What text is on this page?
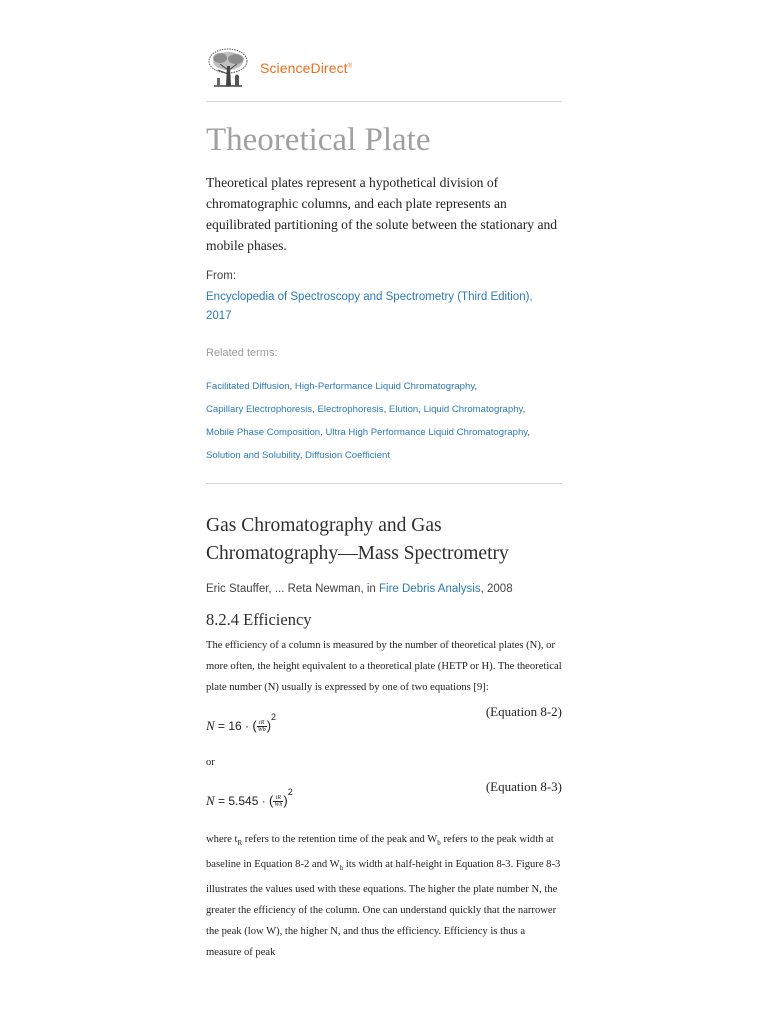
ScienceDirect®
Theoretical Plate

Theoretical plates represent a hypothetical division of chromatographic columns, and each plate represents an equilibrated partitioning of the solute between the stationary and mobile phases.

From:
Encyclopedia of Spectroscopy and Spectrometry (Third Edition),
2017
Related terms:
Facilitated Diffusion, High-Performance Liquid Chromatography,
Capillary Electrophoresis, Electrophoresis, Elution, Liquid Chromatography,
Mobile Phase Composition, Ultra High Performance Liquid Chromatography,
Solution and Solubility, Diffusion Coefficient
Gas Chromatography and Gas Chromatography—Mass Spectrometry
Eric Stauffer, ... Reta Newman, in Fire Debris Analysis, 2008
8.2.4 Efficiency

The efficiency of a column is measured by the number of theoretical plates (N), or more often, the height equivalent to a theoretical plate (HETP or H). The theoretical plate number (N) usually is expressed by one of two equations [9]:

N = 16 · ( $\frac{tR}{Wb} )^2$	(Equation 8-2)
or
N = 5.545 · ( $\frac{tR}{Wh} )^2$	(Equation 8-3)

where $t_R$ refers to the retention time of the peak and $W_b$ refers to the peak width at baseline in Equation 8-2 and $W_h$ its width at half-height in Equation 8-3. Figure 8-3 illustrates the values used with these equations. The higher the plate number N, the greater the efficiency of the column. One can understand quickly that the narrower the peak (low W), the higher N, and thus the efficiency. Efficiency is thus a measure of peak
